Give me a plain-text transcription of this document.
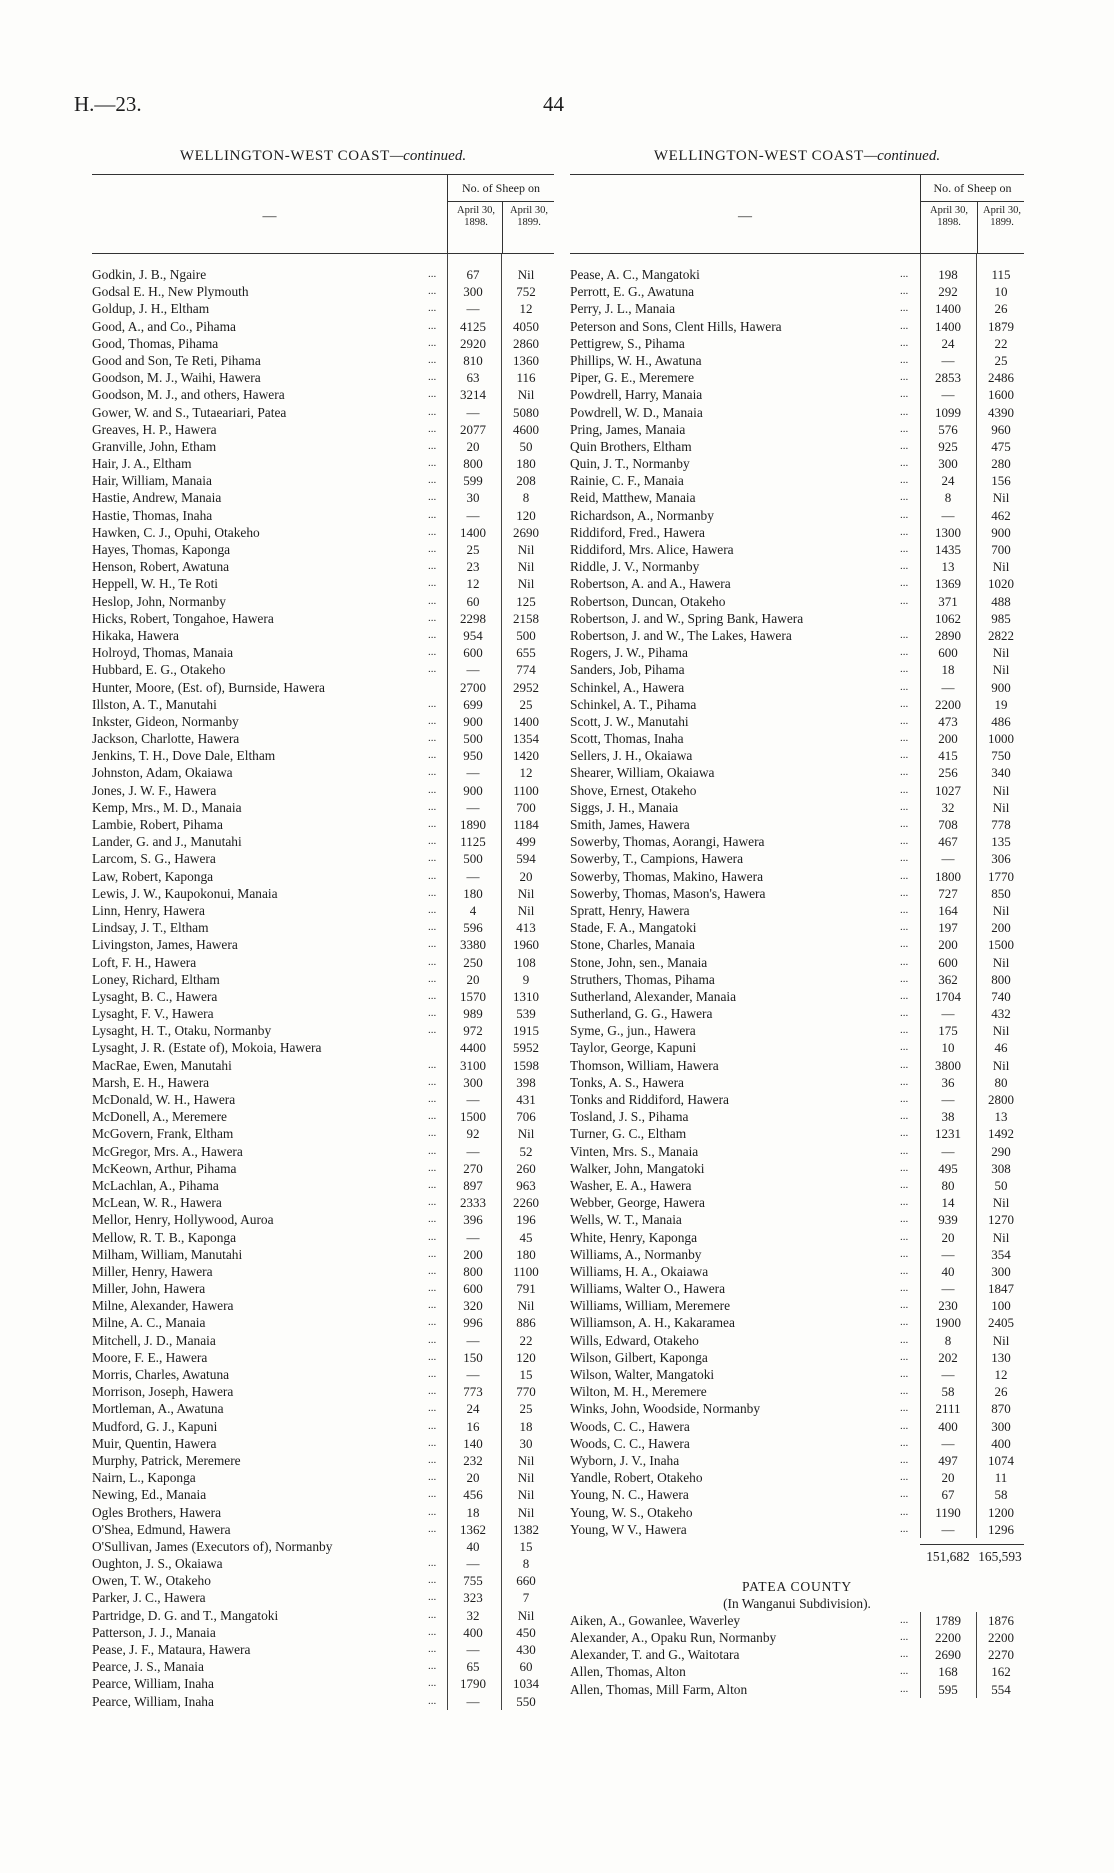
H.—23.	44
WELLINGTON-WEST COAST—continued.
—
No. of Sheep on
April 30,
1898.
April 30,
1899.
Godkin, J. B., Ngaire	...	67	Nil
Godsal E. H., New Plymouth	...	300	752
Goldup, J. H., Eltham	...	—	12
Good, A., and Co., Pihama	...	4125	4050
Good, Thomas, Pihama	...	2920	2860
Good and Son, Te Reti, Pihama	...	810	1360
Goodson, M. J., Waihi, Hawera	...	63	116
Goodson, M. J., and others, Hawera	...	3214	Nil
Gower, W. and S., Tutaeariari, Patea	...	—	5080
Greaves, H. P., Hawera	...	2077	4600
Granville, John, Etham	...	20	50
Hair, J. A., Eltham	...	800	180
Hair, William, Manaia	...	599	208
Hastie, Andrew, Manaia	...	30	8
Hastie, Thomas, Inaha	...	—	120
Hawken, C. J., Opuhi, Otakeho	...	1400	2690
Hayes, Thomas, Kaponga	...	25	Nil
Henson, Robert, Awatuna	...	23	Nil
Heppell, W. H., Te Roti	...	12	Nil
Heslop, John, Normanby	...	60	125
Hicks, Robert, Tongahoe, Hawera	...	2298	2158
Hikaka, Hawera	...	954	500
Holroyd, Thomas, Manaia	...	600	655
Hubbard, E. G., Otakeho	...	—	774
Hunter, Moore, (Est. of), Burnside, Hawera	2700	2952
Illston, A. T., Manutahi	...	699	25
Inkster, Gideon, Normanby	...	900	1400
Jackson, Charlotte, Hawera	...	500	1354
Jenkins, T. H., Dove Dale, Eltham	...	950	1420
Johnston, Adam, Okaiawa	...	—	12
Jones, J. W. F., Hawera	...	900	1100
Kemp, Mrs., M. D., Manaia	...	—	700
Lambie, Robert, Pihama	...	1890	1184
Lander, G. and J., Manutahi	...	1125	499
Larcom, S. G., Hawera	...	500	594
Law, Robert, Kaponga	...	—	20
Lewis, J. W., Kaupokonui, Manaia	...	180	Nil
Linn, Henry, Hawera	...	4	Nil
Lindsay, J. T., Eltham	...	596	413
Livingston, James, Hawera	...	3380	1960
Loft, F. H., Hawera	...	250	108
Loney, Richard, Eltham	...	20	9
Lysaght, B. C., Hawera	...	1570	1310
Lysaght, F. V., Hawera	...	989	539
Lysaght, H. T., Otaku, Normanby	...	972	1915
Lysaght, J. R. (Estate of), Mokoia, Hawera	4400	5952
MacRae, Ewen, Manutahi	...	3100	1598
Marsh, E. H., Hawera	...	300	398
McDonald, W. H., Hawera	...	—	431
McDonell, A., Meremere	...	1500	706
McGovern, Frank, Eltham	...	92	Nil
McGregor, Mrs. A., Hawera	...	—	52
McKeown, Arthur, Pihama	...	270	260
McLachlan, A., Pihama	...	897	963
McLean, W. R., Hawera	...	2333	2260
Mellor, Henry, Hollywood, Auroa	...	396	196
Mellow, R. T. B., Kaponga	...	—	45
Milham, William, Manutahi	...	200	180
Miller, Henry, Hawera	...	800	1100
Miller, John, Hawera	...	600	791
Milne, Alexander, Hawera	...	320	Nil
Milne, A. C., Manaia	...	996	886
Mitchell, J. D., Manaia	...	—	22
Moore, F. E., Hawera	...	150	120
Morris, Charles, Awatuna	...	—	15
Morrison, Joseph, Hawera	...	773	770
Mortleman, A., Awatuna	...	24	25
Mudford, G. J., Kapuni	...	16	18
Muir, Quentin, Hawera	...	140	30
Murphy, Patrick, Meremere	...	232	Nil
Nairn, L., Kaponga	...	20	Nil
Newing, Ed., Manaia	...	456	Nil
Ogles Brothers, Hawera	...	18	Nil
O'Shea, Edmund, Hawera	...	1362	1382
O'Sullivan, James (Executors of), Normanby	40	15
Oughton, J. S., Okaiawa	...	—	8
Owen, T. W., Otakeho	...	755	660
Parker, J. C., Hawera	...	323	7
Partridge, D. G. and T., Mangatoki	...	32	Nil
Patterson, J. J., Manaia	...	400	450
Pease, J. F., Mataura, Hawera	...	—	430
Pearce, J. S., Manaia	...	65	60
Pearce, William, Inaha	...	1790	1034
Pearce, William, Inaha	...	—	550
WELLINGTON-WEST COAST—continued.
—
No. of Sheep on
April 30,
1898.
April 30,
1899.
Pease, A. C., Mangatoki	...	198	115
Perrott, E. G., Awatuna	...	292	10
Perry, J. L., Manaia	...	1400	26
Peterson and Sons, Clent Hills, Hawera	...	1400	1879
Pettigrew, S., Pihama	...	24	22
Phillips, W. H., Awatuna	...	—	25
Piper, G. E., Meremere	...	2853	2486
Powdrell, Harry, Manaia	...	—	1600
Powdrell, W. D., Manaia	...	1099	4390
Pring, James, Manaia	...	576	960
Quin Brothers, Eltham	...	925	475
Quin, J. T., Normanby	...	300	280
Rainie, C. F., Manaia	...	24	156
Reid, Matthew, Manaia	...	8	Nil
Richardson, A., Normanby	...	—	462
Riddiford, Fred., Hawera	...	1300	900
Riddiford, Mrs. Alice, Hawera	...	1435	700
Riddle, J. V., Normanby	...	13	Nil
Robertson, A. and A., Hawera	...	1369	1020
Robertson, Duncan, Otakeho	...	371	488
Robertson, J. and W., Spring Bank, Hawera	1062	985
Robertson, J. and W., The Lakes, Hawera	...	2890	2822
Rogers, J. W., Pihama	...	600	Nil
Sanders, Job, Pihama	...	18	Nil
Schinkel, A., Hawera	...	—	900
Schinkel, A. T., Pihama	...	2200	19
Scott, J. W., Manutahi	...	473	486
Scott, Thomas, Inaha	...	200	1000
Sellers, J. H., Okaiawa	...	415	750
Shearer, William, Okaiawa	...	256	340
Shove, Ernest, Otakeho	...	1027	Nil
Siggs, J. H., Manaia	...	32	Nil
Smith, James, Hawera	...	708	778
Sowerby, Thomas, Aorangi, Hawera	...	467	135
Sowerby, T., Campions, Hawera	...	—	306
Sowerby, Thomas, Makino, Hawera	...	1800	1770
Sowerby, Thomas, Mason's, Hawera	...	727	850
Spratt, Henry, Hawera	...	164	Nil
Stade, F. A., Mangatoki	...	197	200
Stone, Charles, Manaia	...	200	1500
Stone, John, sen., Manaia	...	600	Nil
Struthers, Thomas, Pihama	...	362	800
Sutherland, Alexander, Manaia	...	1704	740
Sutherland, G. G., Hawera	...	—	432
Syme, G., jun., Hawera	...	175	Nil
Taylor, George, Kapuni	...	10	46
Thomson, William, Hawera	...	3800	Nil
Tonks, A. S., Hawera	...	36	80
Tonks and Riddiford, Hawera	...	—	2800
Tosland, J. S., Pihama	...	38	13
Turner, G. C., Eltham	...	1231	1492
Vinten, Mrs. S., Manaia	...	—	290
Walker, John, Mangatoki	...	495	308
Washer, E. A., Hawera	...	80	50
Webber, George, Hawera	...	14	Nil
Wells, W. T., Manaia	...	939	1270
White, Henry, Kaponga	...	20	Nil
Williams, A., Normanby	...	—	354
Williams, H. A., Okaiawa	...	40	300
Williams, Walter O., Hawera	...	—	1847
Williams, William, Meremere	...	230	100
Williamson, A. H., Kakaramea	...	1900	2405
Wills, Edward, Otakeho	...	8	Nil
Wilson, Gilbert, Kaponga	...	202	130
Wilson, Walter, Mangatoki	...	—	12
Wilton, M. H., Meremere	...	58	26
Winks, John, Woodside, Normanby	...	2111	870
Woods, C. C., Hawera	...	400	300
Woods, C. C., Hawera	...	—	400
Wyborn, J. V., Inaha	...	497	1074
Yandle, Robert, Otakeho	...	20	11
Young, N. C., Hawera	...	67	58
Young, W. S., Otakeho	...	1190	1200
Young, W V., Hawera	...	—	1296
151,682 165,593
PATEA COUNTY
(In Wanganui Subdivision).
Aiken, A., Gowanlee, Waverley	...	1789	1876
Alexander, A., Opaku Run, Normanby	...	2200	2200
Alexander, T. and G., Waitotara	...	2690	2270
Allen, Thomas, Alton	...	168	162
Allen, Thomas, Mill Farm, Alton	...	595	554
